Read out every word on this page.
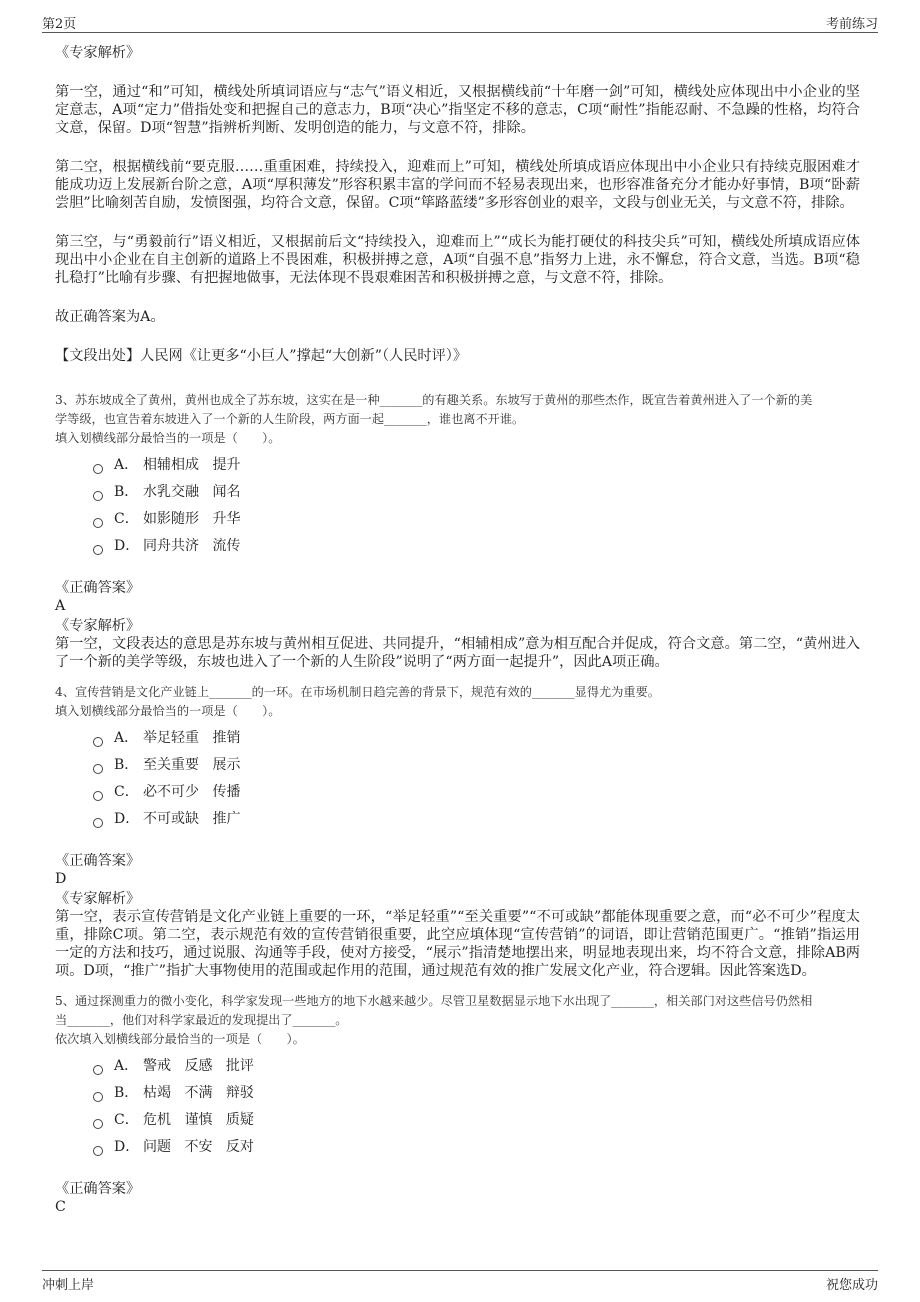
第2页	考前练习

《专家解析》

第一空，通过“和”可知，横线处所填词语应与“志气”语义相近，又根据横线前“十年磨一剑”可知，横线处应体现出中小企业的坚定意志，A项“定力”借指处变和把握自己的意志力，B项“决心”指坚定不移的意志，C项“耐性”指能忍耐、不急躁的性格，均符合文意，保留。D项“智慧”指辨析判断、发明创造的能力，与文意不符，排除。

第二空，根据横线前“要克服……重重困难，持续投入，迎难而上”可知，横线处所填成语应体现出中小企业只有持续克服困难才能成功迈上发展新台阶之意，A项“厚积薄发”形容积累丰富的学问而不轻易表现出来，也形容准备充分才能办好事情，B项“卧薪尝胆”比喻刻苦自励，发愤图强，均符合文意，保留。C项“筚路蓝缕”多形容创业的艰辛，文段与创业无关，与文意不符，排除。

第三空，与“勇毅前行”语义相近，又根据前后文“持续投入，迎难而上”“成长为能打硬仗的科技尖兵”可知，横线处所填成语应体现出中小企业在自主创新的道路上不畏困难，积极拼搏之意，A项“自强不息”指努力上进，永不懈怠，符合文意，当选。B项“稳扎稳打”比喻有步骤、有把握地做事，无法体现不畏艰难困苦和积极拼搏之意，与文意不符，排除。

故正确答案为A。

【文段出处】人民网《让更多“小巨人”撑起“大创新”（人民时评）》

3、苏东坡成全了黄州，黄州也成全了苏东坡，这实在是一种_______的有趣关系。东坡写于黄州的那些杰作，既宣告着黄州进入了一个新的美

学等级，也宣告着东坡进入了一个新的人生阶段，两方面一起_______，谁也离不开谁。

填入划横线部分最恰当的一项是（　　）。

A． 相辅相成 提升
B． 水乳交融 闻名
C． 如影随形 升华
D． 同舟共济 流传

《正确答案》

A

《专家解析》

第一空，文段表达的意思是苏东坡与黄州相互促进、共同提升，“相辅相成”意为相互配合并促成，符合文意。第二空，“黄州进入了一个新的美学等级，东坡也进入了一个新的人生阶段”说明了“两方面一起提升”，因此A项正确。

4、宣传营销是文化产业链上_______的一环。在市场机制日趋完善的背景下，规范有效的_______显得尤为重要。

填入划横线部分最恰当的一项是（　　）。

A． 举足轻重 推销
B． 至关重要 展示
C． 必不可少 传播
D． 不可或缺 推广

《正确答案》

D

《专家解析》

第一空，表示宣传营销是文化产业链上重要的一环，“举足轻重”“至关重要”“不可或缺”都能体现重要之意，而“必不可少”程度太重，排除C项。第二空，表示规范有效的宣传营销很重要，此空应填体现“宣传营销”的词语，即让营销范围更广。“推销”指运用一定的方法和技巧，通过说服、沟通等手段，使对方接受，“展示”指清楚地摆出来，明显地表现出来，均不符合文意，排除AB两项。D项，“推广”指扩大事物使用的范围或起作用的范围，通过规范有效的推广发展文化产业，符合逻辑。因此答案选D。

5、通过探测重力的微小变化，科学家发现一些地方的地下水越来越少。尽管卫星数据显示地下水出现了_______，相关部门对这些信号仍然相

当_______，他们对科学家最近的发现提出了_______。

依次填入划横线部分最恰当的一项是（　　）。

A． 警戒 反感 批评
B． 枯竭 不满 辩驳
C． 危机 谨慎 质疑
D． 问题 不安 反对

《正确答案》

C

冲刺上岸	祝您成功
